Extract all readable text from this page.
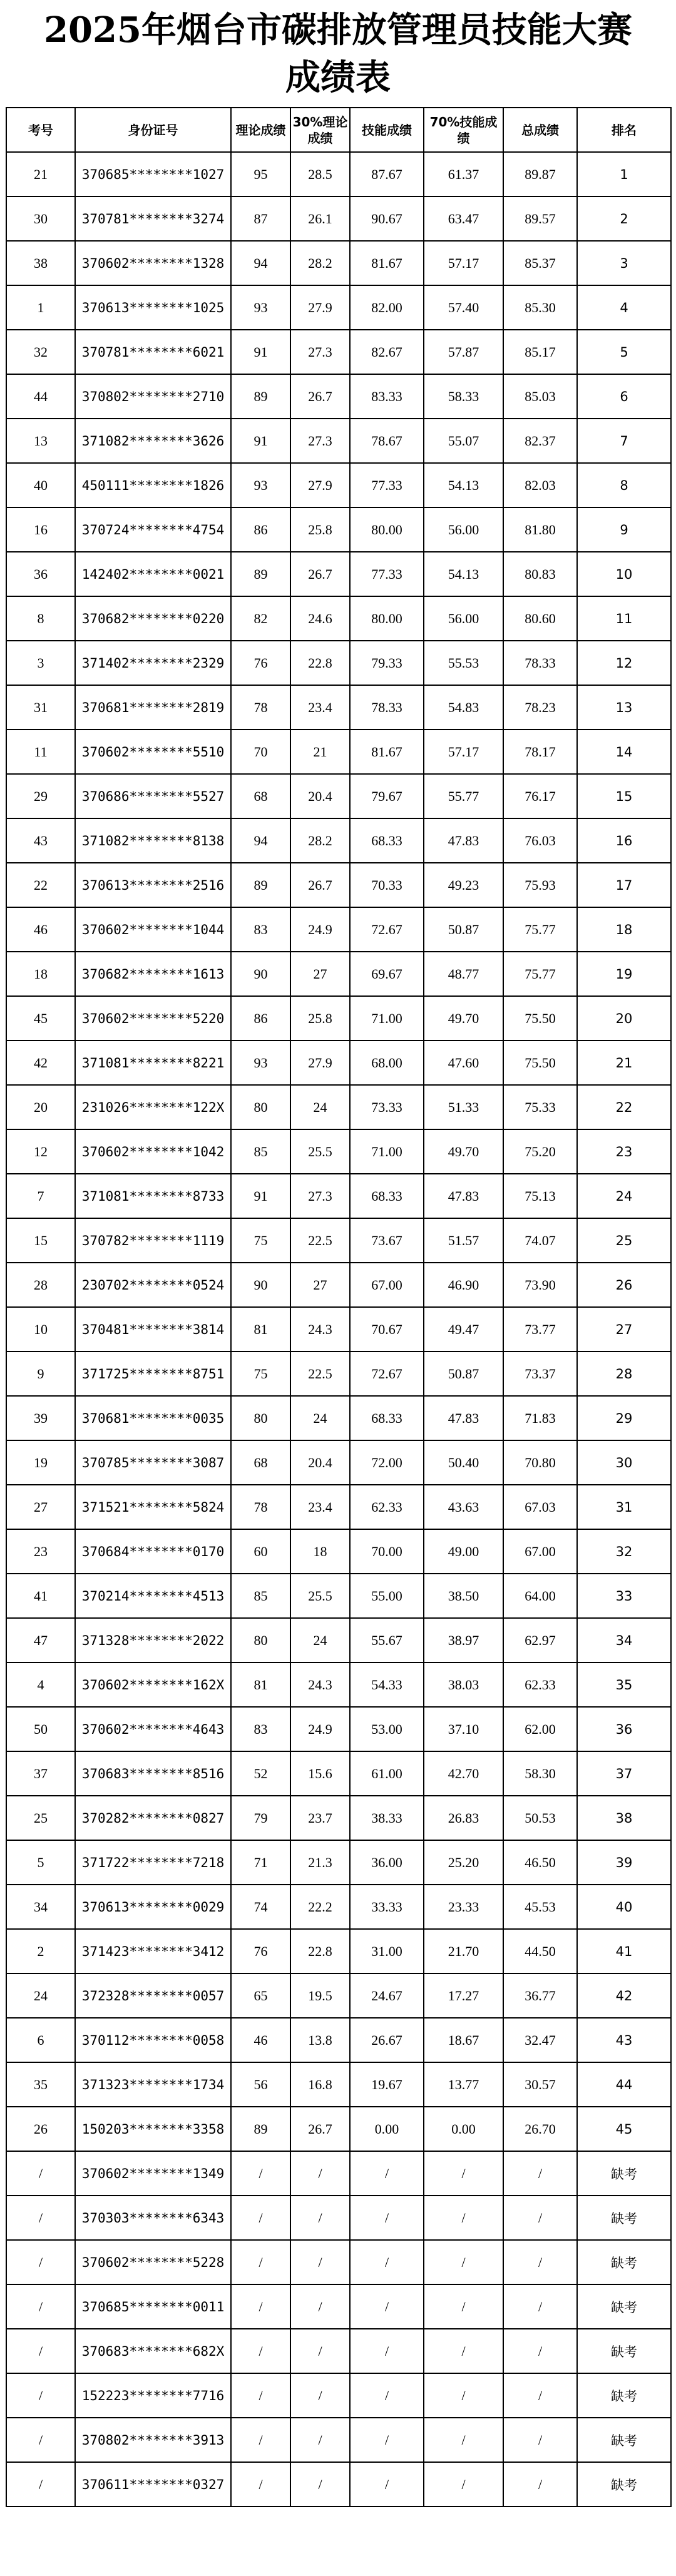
2025年烟台市碳排放管理员技能大赛
成绩表
考号	身份证号	理论成绩	30%理论成绩	技能成绩	70%技能成绩	总成绩	排名
21	370685********1027	95	28.5	87.67	61.37	89.87	1
30	370781********3274	87	26.1	90.67	63.47	89.57	2
38	370602********1328	94	28.2	81.67	57.17	85.37	3
1	370613********1025	93	27.9	82.00	57.40	85.30	4
32	370781********6021	91	27.3	82.67	57.87	85.17	5
44	370802********2710	89	26.7	83.33	58.33	85.03	6
13	371082********3626	91	27.3	78.67	55.07	82.37	7
40	450111********1826	93	27.9	77.33	54.13	82.03	8
16	370724********4754	86	25.8	80.00	56.00	81.80	9
36	142402********0021	89	26.7	77.33	54.13	80.83	10
8	370682********0220	82	24.6	80.00	56.00	80.60	11
3	371402********2329	76	22.8	79.33	55.53	78.33	12
31	370681********2819	78	23.4	78.33	54.83	78.23	13
11	370602********5510	70	21	81.67	57.17	78.17	14
29	370686********5527	68	20.4	79.67	55.77	76.17	15
43	371082********8138	94	28.2	68.33	47.83	76.03	16
22	370613********2516	89	26.7	70.33	49.23	75.93	17
46	370602********1044	83	24.9	72.67	50.87	75.77	18
18	370682********1613	90	27	69.67	48.77	75.77	19
45	370602********5220	86	25.8	71.00	49.70	75.50	20
42	371081********8221	93	27.9	68.00	47.60	75.50	21
20	231026********122X	80	24	73.33	51.33	75.33	22
12	370602********1042	85	25.5	71.00	49.70	75.20	23
7	371081********8733	91	27.3	68.33	47.83	75.13	24
15	370782********1119	75	22.5	73.67	51.57	74.07	25
28	230702********0524	90	27	67.00	46.90	73.90	26
10	370481********3814	81	24.3	70.67	49.47	73.77	27
9	371725********8751	75	22.5	72.67	50.87	73.37	28
39	370681********0035	80	24	68.33	47.83	71.83	29
19	370785********3087	68	20.4	72.00	50.40	70.80	30
27	371521********5824	78	23.4	62.33	43.63	67.03	31
23	370684********0170	60	18	70.00	49.00	67.00	32
41	370214********4513	85	25.5	55.00	38.50	64.00	33
47	371328********2022	80	24	55.67	38.97	62.97	34
4	370602********162X	81	24.3	54.33	38.03	62.33	35
50	370602********4643	83	24.9	53.00	37.10	62.00	36
37	370683********8516	52	15.6	61.00	42.70	58.30	37
25	370282********0827	79	23.7	38.33	26.83	50.53	38
5	371722********7218	71	21.3	36.00	25.20	46.50	39
34	370613********0029	74	22.2	33.33	23.33	45.53	40
2	371423********3412	76	22.8	31.00	21.70	44.50	41
24	372328********0057	65	19.5	24.67	17.27	36.77	42
6	370112********0058	46	13.8	26.67	18.67	32.47	43
35	371323********1734	56	16.8	19.67	13.77	30.57	44
26	150203********3358	89	26.7	0.00	0.00	26.70	45
/	370602********1349	/	/	/	/	/	缺考
/	370303********6343	/	/	/	/	/	缺考
/	370602********5228	/	/	/	/	/	缺考
/	370685********0011	/	/	/	/	/	缺考
/	370683********682X	/	/	/	/	/	缺考
/	152223********7716	/	/	/	/	/	缺考
/	370802********3913	/	/	/	/	/	缺考
/	370611********0327	/	/	/	/	/	缺考
